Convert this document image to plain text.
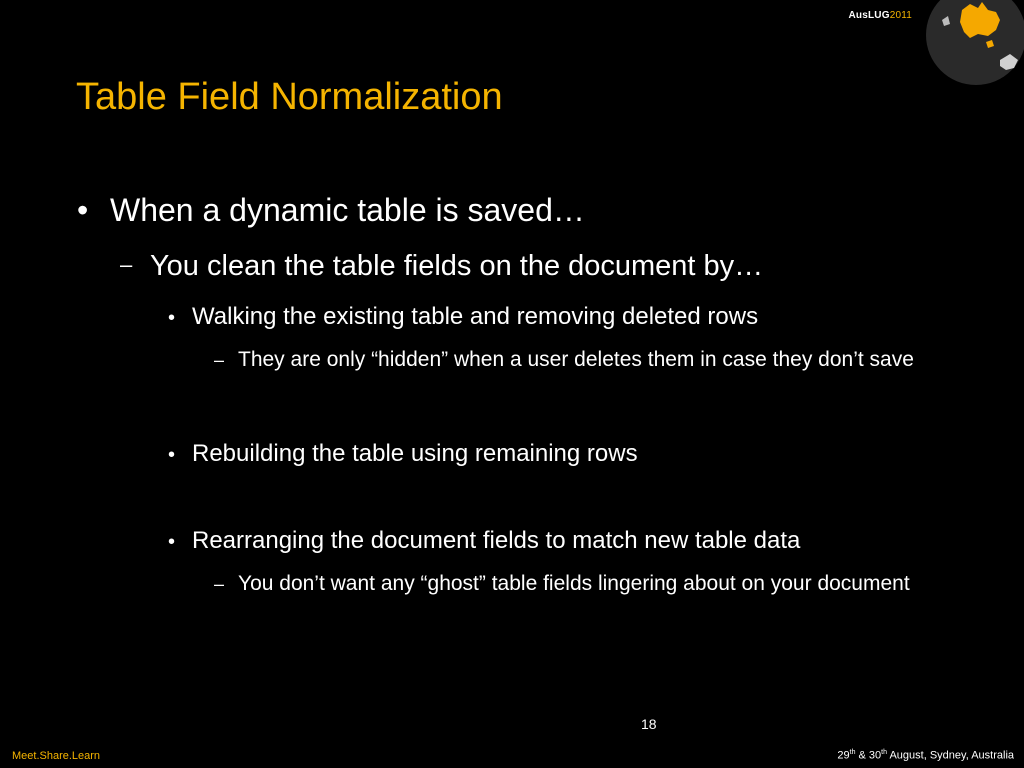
AusLUG2011
Table Field Normalization
• When a dynamic table is saved…
– You clean the table fields on the document by…
• Walking the existing table and removing deleted rows
– They are only “hidden” when a user deletes them in case they don’t save
• Rebuilding the table using remaining rows
• Rearranging the document fields to match new table data
– You don’t want any “ghost” table fields lingering about on your document
18
Meet.Share.Learn	29th & 30th August, Sydney, Australia
